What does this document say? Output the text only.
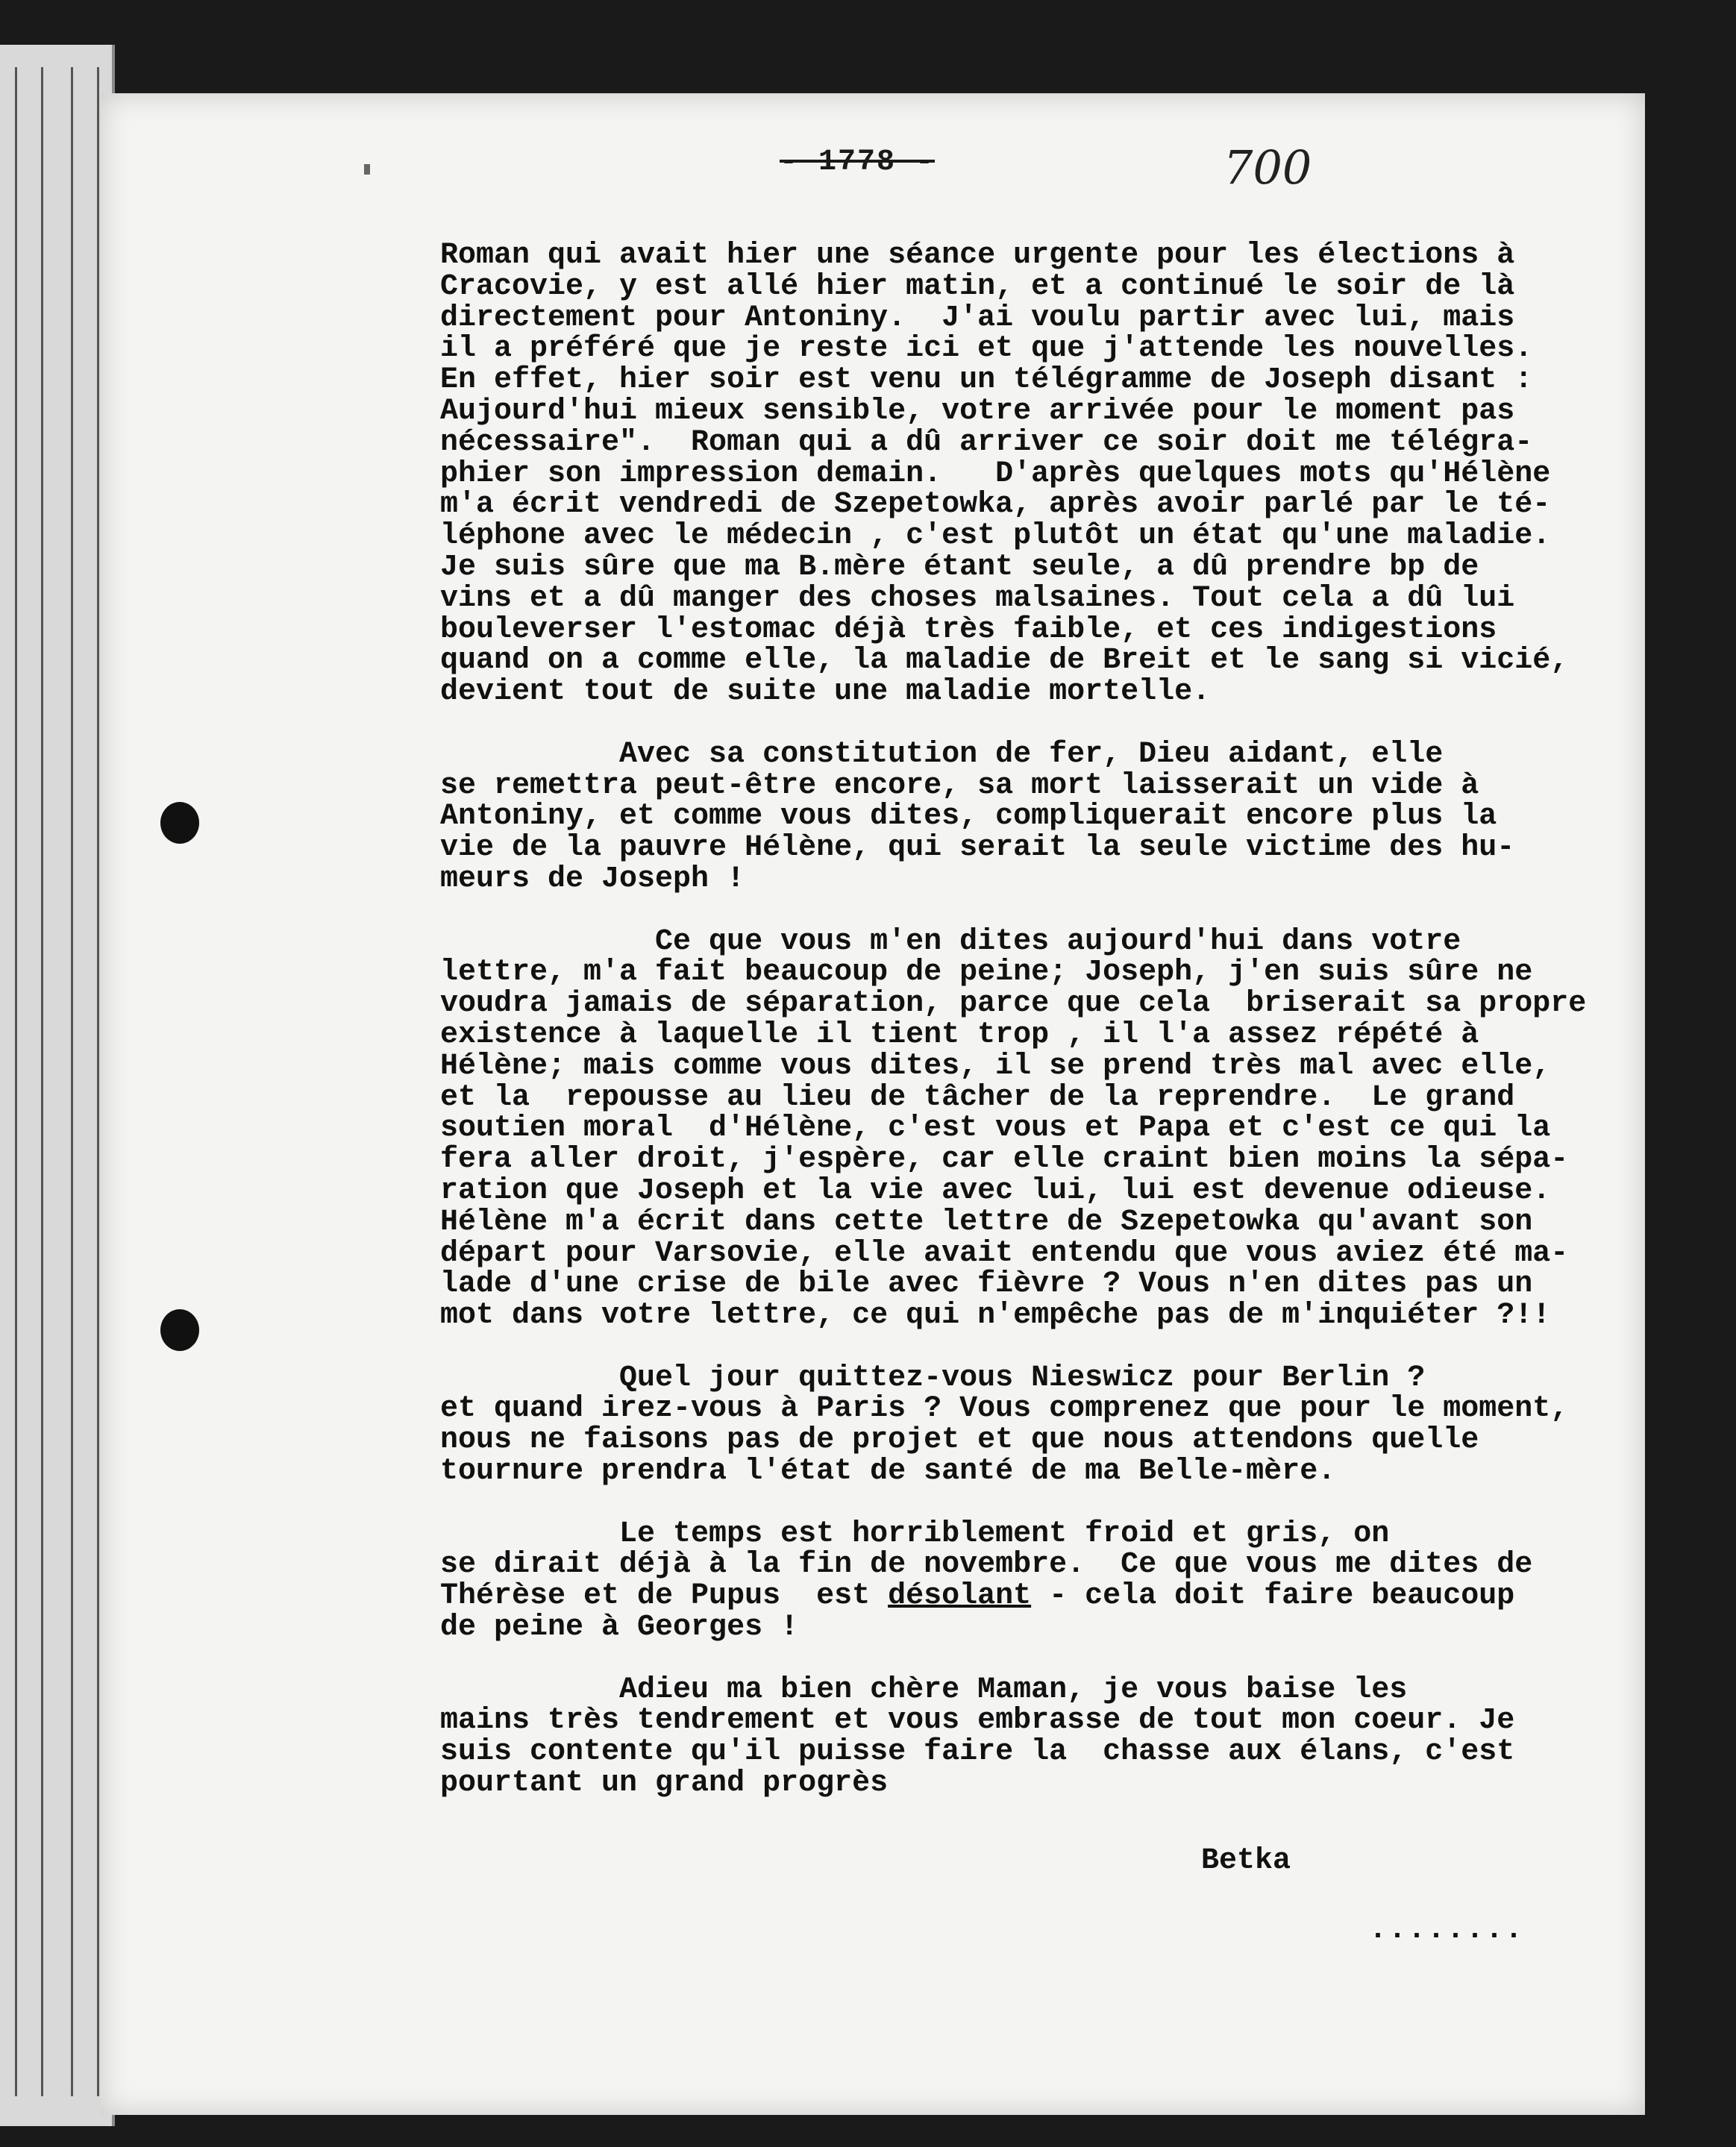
- 1778 -	700
Roman qui avait hier une séance urgente pour les élections à
Cracovie, y est allé hier matin, et a continué le soir de là
directement pour Antoniny.  J'ai voulu partir avec lui, mais
il a préféré que je reste ici et que j'attende les nouvelles.
En effet, hier soir est venu un télégramme de Joseph disant :
Aujourd'hui mieux sensible, votre arrivée pour le moment pas
nécessaire".  Roman qui a dû arriver ce soir doit me télégra-
phier son impression demain.   D'après quelques mots qu'Hélène
m'a écrit vendredi de Szepetowka, après avoir parlé par le té-
léphone avec le médecin , c'est plutôt un état qu'une maladie.
Je suis sûre que ma B.mère étant seule, a dû prendre bp de
vins et a dû manger des choses malsaines. Tout cela a dû lui
bouleverser l'estomac déjà très faible, et ces indigestions
quand on a comme elle, la maladie de Breit et le sang si vicié,
devient tout de suite une maladie mortelle.
Avec sa constitution de fer, Dieu aidant, elle
se remettra peut-être encore, sa mort laisserait un vide à
Antoniny, et comme vous dites, compliquerait encore plus la
vie de la pauvre Hélène, qui serait la seule victime des hu-
meurs de Joseph !
Ce que vous m'en dites aujourd'hui dans votre
lettre, m'a fait beaucoup de peine; Joseph, j'en suis sûre ne
voudra jamais de séparation, parce que cela  briserait sa propre
existence à laquelle il tient trop , il l'a assez répété à
Hélène; mais comme vous dites, il se prend très mal avec elle,
et la  repousse au lieu de tâcher de la reprendre.  Le grand
soutien moral  d'Hélène, c'est vous et Papa et c'est ce qui la
fera aller droit, j'espère, car elle craint bien moins la sépa-
ration que Joseph et la vie avec lui, lui est devenue odieuse.
Hélène m'a écrit dans cette lettre de Szepetowka qu'avant son
départ pour Varsovie, elle avait entendu que vous aviez été ma-
lade d'une crise de bile avec fièvre ? Vous n'en dites pas un
mot dans votre lettre, ce qui n'empêche pas de m'inquiéter ?!!
Quel jour quittez-vous Nieswicz pour Berlin ?
et quand irez-vous à Paris ? Vous comprenez que pour le moment,
nous ne faisons pas de projet et que nous attendons quelle
tournure prendra l'état de santé de ma Belle-mère.
Le temps est horriblement froid et gris, on
se dirait déjà à la fin de novembre.  Ce que vous me dites de
Thérèse et de Pupus  est désolant - cela doit faire beaucoup
de peine à Georges !
Adieu ma bien chère Maman, je vous baise les
mains très tendrement et vous embrasse de tout mon coeur. Je
suis contente qu'il puisse faire la  chasse aux élans, c'est
pourtant un grand progrès
Betka
........
